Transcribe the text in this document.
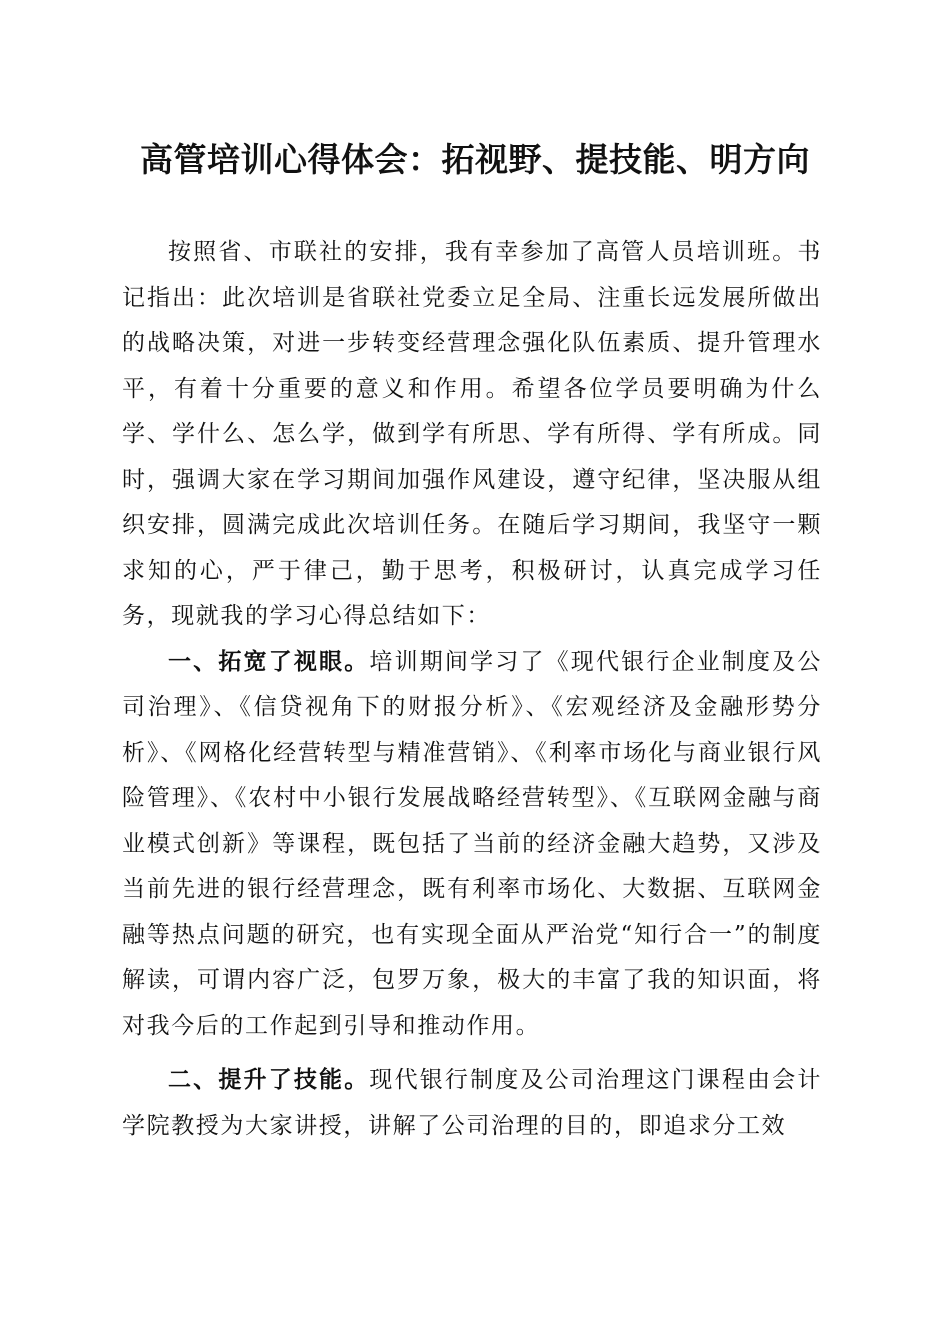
高管培训心得体会：拓视野、提技能、明方向

按照省、市联社的安排，我有幸参加了高管人员培训班。书记指出：此次培训是省联社党委立足全局、注重长远发展所做出的战略决策，对进一步转变经营理念强化队伍素质、提升管理水平，有着十分重要的意义和作用。希望各位学员要明确为什么学、学什么、怎么学，做到学有所思、学有所得、学有所成。同时，强调大家在学习期间加强作风建设，遵守纪律，坚决服从组织安排，圆满完成此次培训任务。在随后学习期间，我坚守一颗求知的心，严于律己，勤于思考，积极研讨，认真完成学习任务，现就我的学习心得总结如下：

一、拓宽了视眼。培训期间学习了《现代银行企业制度及公司治理》、《信贷视角下的财报分析》、《宏观经济及金融形势分析》、《网格化经营转型与精准营销》、《利率市场化与商业银行风险管理》、《农村中小银行发展战略经营转型》、《互联网金融与商业模式创新》等课程，既包括了当前的经济金融大趋势，又涉及当前先进的银行经营理念，既有利率市场化、大数据、互联网金融等热点问题的研究，也有实现全面从严治党“知行合一”的制度解读，可谓内容广泛，包罗万象，极大的丰富了我的知识面，将对我今后的工作起到引导和推动作用。

二、提升了技能。现代银行制度及公司治理这门课程由会计学院教授为大家讲授，讲解了公司治理的目的，即追求分工效
